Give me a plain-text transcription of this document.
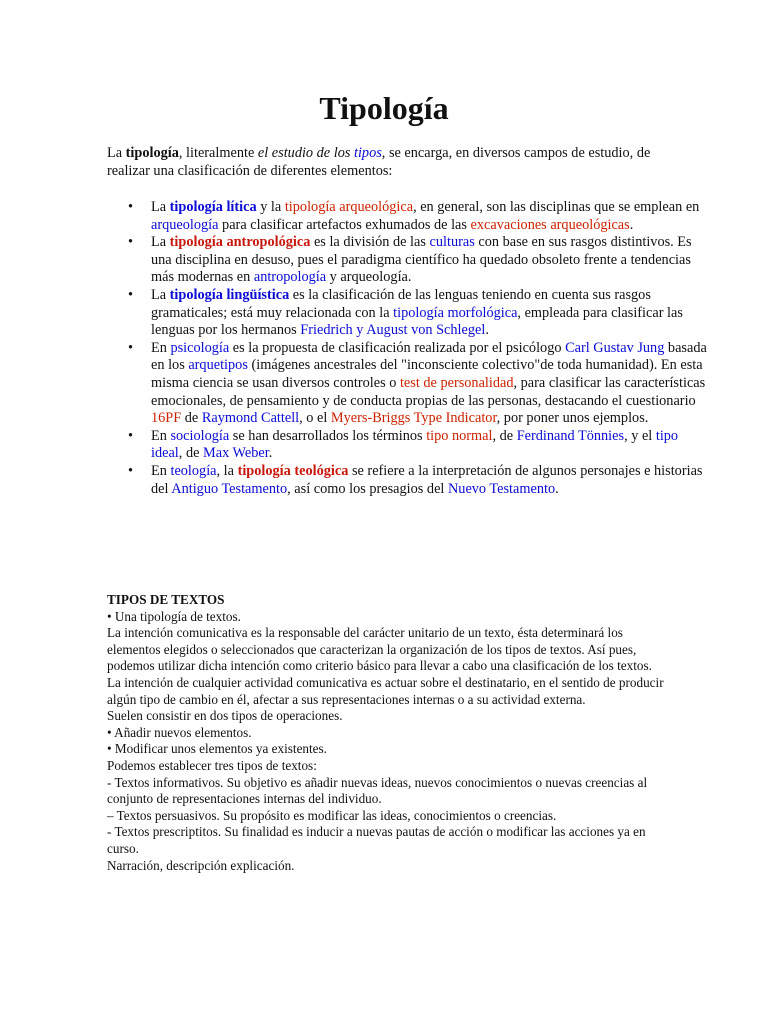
Tipología

La tipología, literalmente el estudio de los tipos, se encarga, en diversos campos de estudio, de realizar una clasificación de diferentes elementos:

• La tipología lítica y la tipología arqueológica, en general, son las disciplinas que se emplean en arqueología para clasificar artefactos exhumados de las excavaciones arqueológicas.
• La tipología antropológica es la división de las culturas con base en sus rasgos distintivos. Es una disciplina en desuso, pues el paradigma científico ha quedado obsoleto frente a tendencias más modernas en antropología y arqueología.
• La tipología lingüística es la clasificación de las lenguas teniendo en cuenta sus rasgos gramaticales; está muy relacionada con la tipología morfológica, empleada para clasificar las lenguas por los hermanos Friedrich y August von Schlegel.
• En psicología es la propuesta de clasificación realizada por el psicólogo Carl Gustav Jung basada en los arquetipos (imágenes ancestrales del "inconsciente colectivo"de toda humanidad). En esta misma ciencia se usan diversos controles o test de personalidad, para clasificar las características emocionales, de pensamiento y de conducta propias de las personas, destacando el cuestionario 16PF de Raymond Cattell, o el Myers-Briggs Type Indicator, por poner unos ejemplos.
• En sociología se han desarrollados los términos tipo normal, de Ferdinand Tönnies, y el tipo ideal, de Max Weber.
• En teología, la tipología teológica se refiere a la interpretación de algunos personajes e historias del Antiguo Testamento, así como los presagios del Nuevo Testamento.

TIPOS DE TEXTOS

• Una tipología de textos.

La intención comunicativa es la responsable del carácter unitario de un texto, ésta determinará los elementos elegidos o seleccionados que caracterizan la organización de los tipos de textos. Así pues, podemos utilizar dicha intención como criterio básico para llevar a cabo una clasificación de los textos.

La intención de cualquier actividad comunicativa es actuar sobre el destinatario, en el sentido de producir algún tipo de cambio en él, afectar a sus representaciones internas o a su actividad externa.

Suelen consistir en dos tipos de operaciones.

• Añadir nuevos elementos.

• Modificar unos elementos ya existentes.

Podemos establecer tres tipos de textos:

- Textos informativos. Su objetivo es añadir nuevas ideas, nuevos conocimientos o nuevas creencias al conjunto de representaciones internas del individuo.

– Textos persuasivos. Su propósito es modificar las ideas, conocimientos o creencias.

- Textos prescriptitos. Su finalidad es inducir a nuevas pautas de acción o modificar las acciones ya en curso.

Narración, descripción explicación.
